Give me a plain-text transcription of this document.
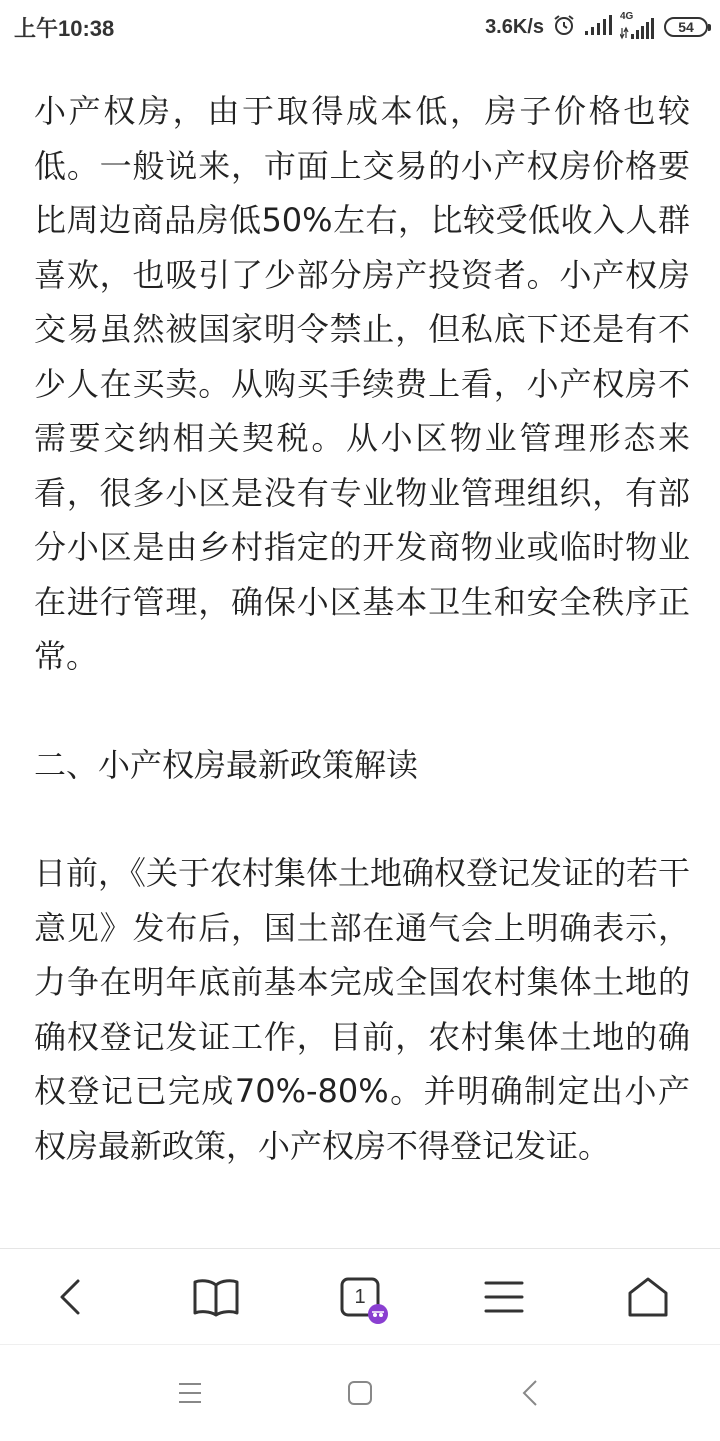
上午10:38	3.6K/s	4G
54

小产权房，由于取得成本低，房子价格也较低。一般说来，市面上交易的小产权房价格要比周边商品房低50%左右，比较受低收入人群喜欢，也吸引了少部分房产投资者。小产权房交易虽然被国家明令禁止，但私底下还是有不少人在买卖。从购买手续费上看，小产权房不需要交纳相关契税。从小区物业管理形态来看，很多小区是没有专业物业管理组织，有部分小区是由乡村指定的开发商物业或临时物业在进行管理，确保小区基本卫生和安全秩序正常。

二、小产权房最新政策解读

日前，《关于农村集体土地确权登记发证的若干意见》发布后，国土部在通气会上明确表示，力争在明年底前基本完成全国农村集体土地的确权登记发证工作，目前，农村集体土地的确权登记已完成70%-80%。并明确制定出小产权房最新政策，小产权房不得登记发证。

1
